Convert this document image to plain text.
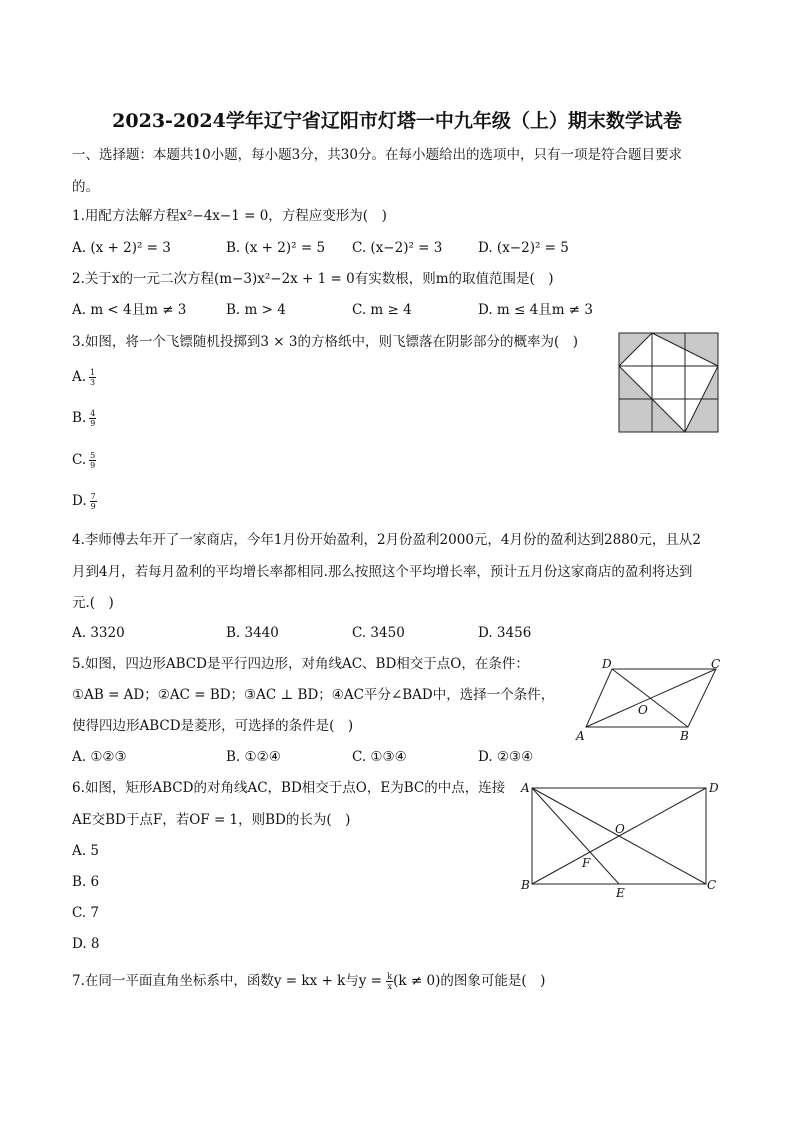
2023-2024学年辽宁省辽阳市灯塔一中九年级（上）期末数学试卷
一、选择题：本题共10小题，每小题3分，共30分。在每小题给出的选项中，只有一项是符合题目要求
的。
1.用配方法解方程x²−4x−1 = 0，方程应变形为(　)
A. (x + 2)² = 3	B. (x + 2)² = 5 C. (x−2)² = 3	D. (x−2)² = 5
2.关于x的一元二次方程(m−3)x²−2x + 1 = 0有实数根，则m的取值范围是(　)
A. m < 4且m ≠ 3	B. m > 4	C. m ≥ 4	D. m ≤ 4且m ≠ 3
3.如图，将一个飞镖随机投掷到3 × 3的方格纸中，则飞镖落在阴影部分的概率为(　)
A. $\frac{1}{3}$
B. $\frac{4}{9}$
C. $\frac{5}{9}$
D. $\frac{7}{9}$
4.李师傅去年开了一家商店，今年1月份开始盈利，2月份盈利2000元，4月份的盈利达到2880元，且从2
月到4月，若每月盈利的平均增长率都相同.那么按照这个平均增长率，预计五月份这家商店的盈利将达到
元.(　)
A. 3320	B. 3440	C. 3450	D. 3456
5.如图，四边形ABCD是平行四边形，对角线AC、BD相交于点O，在条件：
①AB = AD；②AC = BD；③AC ⊥ BD；④AC平分∠BAD中，选择一个条件，
使得四边形ABCD是菱形，可选择的条件是(　)
A. ①②③	B. ①②④	C. ①③④	D. ②③④
D	C
A	B
O
6.如图，矩形ABCD的对角线AC，BD相交于点O，E为BC的中点，连接
AE交BD于点F，若OF = 1，则BD的长为(　)
A. 5
B. 6
C. 7
D. 8
A	D
B	C
O
F
E
7.在同一平面直角坐标系中，函数y = kx + k与$y = \frac{k}{x} (k \ne 0)$的图象可能是(　)
